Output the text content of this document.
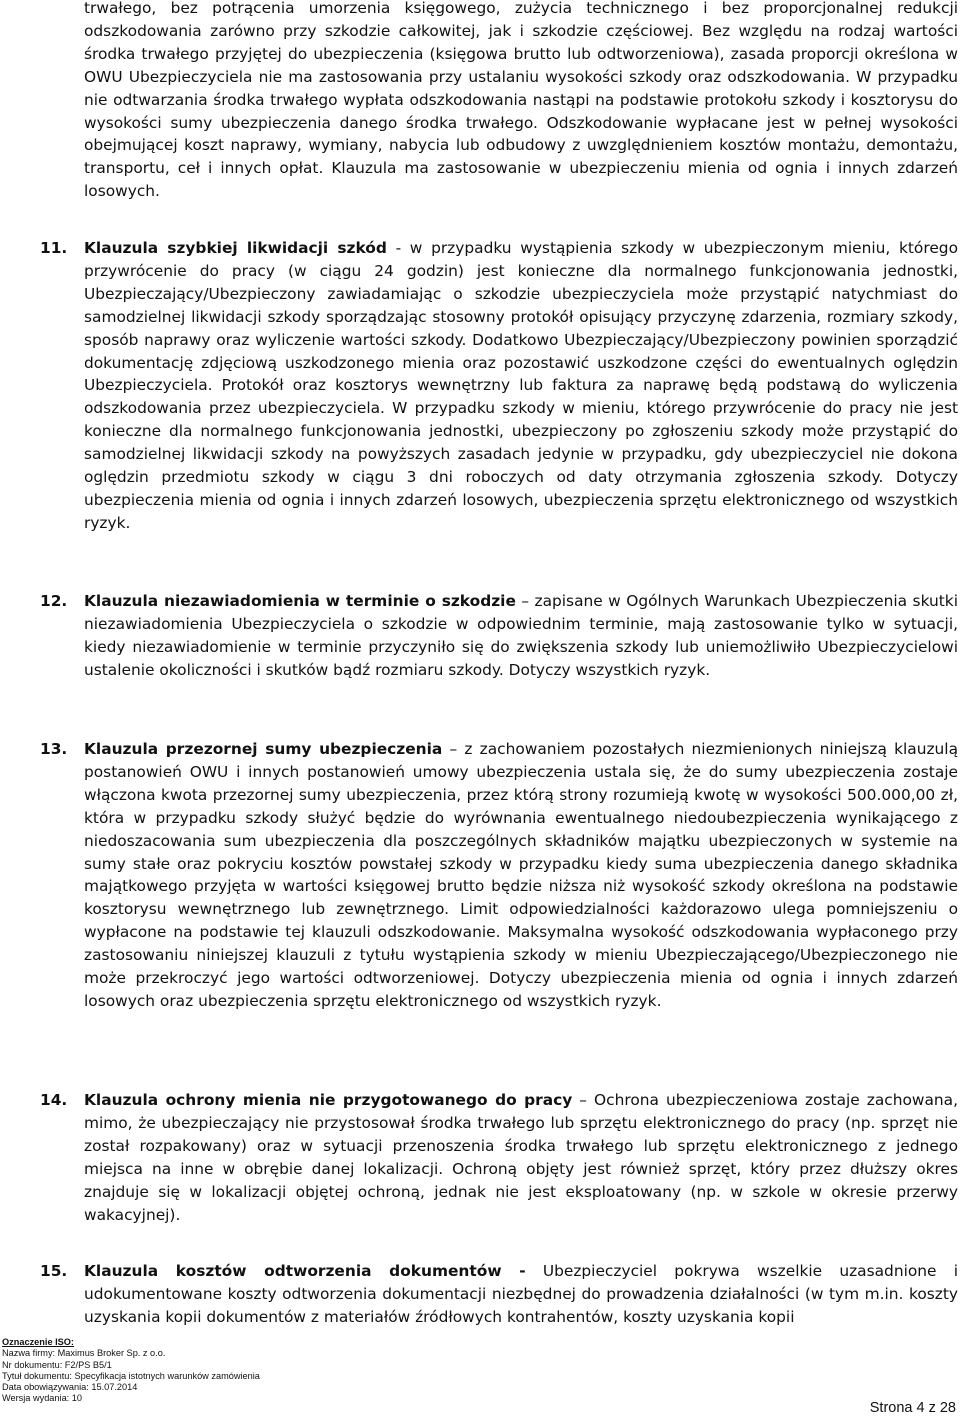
trwałego, bez potrącenia umorzenia księgowego, zużycia technicznego i bez proporcjonalnej redukcji odszkodowania zarówno przy szkodzie całkowitej, jak i szkodzie częściowej. Bez względu na rodzaj wartości środka trwałego przyjętej do ubezpieczenia (księgowa brutto lub odtworzeniowa), zasada proporcji określona w OWU Ubezpieczyciela nie ma zastosowania przy ustalaniu wysokości szkody oraz odszkodowania. W przypadku nie odtwarzania środka trwałego wypłata odszkodowania nastąpi na podstawie protokołu szkody i kosztorysu do wysokości sumy ubezpieczenia danego środka trwałego. Odszkodowanie wypłacane jest w pełnej wysokości obejmującej koszt naprawy, wymiany, nabycia lub odbudowy z uwzględnieniem kosztów montażu, demontażu, transportu, ceł i innych opłat. Klauzula ma zastosowanie w ubezpieczeniu mienia od ognia i innych zdarzeń losowych.

11. Klauzula szybkiej likwidacji szkód - w przypadku wystąpienia szkody w ubezpieczonym mieniu, którego przywrócenie do pracy (w ciągu 24 godzin) jest konieczne dla normalnego funkcjonowania jednostki, Ubezpieczający/Ubezpieczony zawiadamiając o szkodzie ubezpieczyciela może przystąpić natychmiast do samodzielnej likwidacji szkody sporządzając stosowny protokół opisujący przyczynę zdarzenia, rozmiary szkody, sposób naprawy oraz wyliczenie wartości szkody. Dodatkowo Ubezpieczający/Ubezpieczony powinien sporządzić dokumentację zdjęciową uszkodzonego mienia oraz pozostawić uszkodzone części do ewentualnych oględzin Ubezpieczyciela. Protokół oraz kosztorys wewnętrzny lub faktura za naprawę będą podstawą do wyliczenia odszkodowania przez ubezpieczyciela. W przypadku szkody w mieniu, którego przywrócenie do pracy nie jest konieczne dla normalnego funkcjonowania jednostki, ubezpieczony po zgłoszeniu szkody może przystąpić do samodzielnej likwidacji szkody na powyższych zasadach jedynie w przypadku, gdy ubezpieczyciel nie dokona oględzin przedmiotu szkody w ciągu 3 dni roboczych od daty otrzymania zgłoszenia szkody. Dotyczy ubezpieczenia mienia od ognia i innych zdarzeń losowych, ubezpieczenia sprzętu elektronicznego od wszystkich ryzyk.

12. Klauzula niezawiadomienia w terminie o szkodzie – zapisane w Ogólnych Warunkach Ubezpieczenia skutki niezawiadomienia Ubezpieczyciela o szkodzie w odpowiednim terminie, mają zastosowanie tylko w sytuacji, kiedy niezawiadomienie w terminie przyczyniło się do zwiększenia szkody lub uniemożliwiło Ubezpieczycielowi ustalenie okoliczności i skutków bądź rozmiaru szkody. Dotyczy wszystkich ryzyk.

13. Klauzula przezornej sumy ubezpieczenia – z zachowaniem pozostałych niezmienionych niniejszą klauzulą postanowień OWU i innych postanowień umowy ubezpieczenia ustala się, że do sumy ubezpieczenia zostaje włączona kwota przezornej sumy ubezpieczenia, przez którą strony rozumieją kwotę w wysokości 500.000,00 zł, która w przypadku szkody służyć będzie do wyrównania ewentualnego niedoubezpieczenia wynikającego z niedoszacowania sum ubezpieczenia dla poszczególnych składników majątku ubezpieczonych w systemie na sumy stałe oraz pokryciu kosztów powstałej szkody w przypadku kiedy suma ubezpieczenia danego składnika majątkowego przyjęta w wartości księgowej brutto będzie niższa niż wysokość szkody określona na podstawie kosztorysu wewnętrznego lub zewnętrznego. Limit odpowiedzialności każdorazowo ulega pomniejszeniu o wypłacone na podstawie tej klauzuli odszkodowanie. Maksymalna wysokość odszkodowania wypłaconego przy zastosowaniu niniejszej klauzuli z tytułu wystąpienia szkody w mieniu Ubezpieczającego/Ubezpieczonego nie może przekroczyć jego wartości odtworzeniowej. Dotyczy ubezpieczenia mienia od ognia i innych zdarzeń losowych oraz ubezpieczenia sprzętu elektronicznego od wszystkich ryzyk.

14. Klauzula ochrony mienia nie przygotowanego do pracy – Ochrona ubezpieczeniowa zostaje zachowana, mimo, że ubezpieczający nie przystosował środka trwałego lub sprzętu elektronicznego do pracy (np. sprzęt nie został rozpakowany) oraz w sytuacji przenoszenia środka trwałego lub sprzętu elektronicznego z jednego miejsca na inne w obrębie danej lokalizacji. Ochroną objęty jest również sprzęt, który przez dłuższy okres znajduje się w lokalizacji objętej ochroną, jednak nie jest eksploatowany (np. w szkole w okresie przerwy wakacyjnej).

15. Klauzula kosztów odtworzenia dokumentów - Ubezpieczyciel pokrywa wszelkie uzasadnione i udokumentowane koszty odtworzenia dokumentacji niezbędnej do prowadzenia działalności (w tym m.in. koszty uzyskania kopii dokumentów z materiałów źródłowych kontrahentów, koszty uzyskania kopii

Oznaczenie ISO:
Nazwa firmy: Maximus Broker Sp. z o.o.
Nr dokumentu: F2/PS B5/1
Tytuł dokumentu: Specyfikacja istotnych warunków zamówienia
Data obowiązywania: 15.07.2014
Wersja wydania: 10
Strona 4 z 28
